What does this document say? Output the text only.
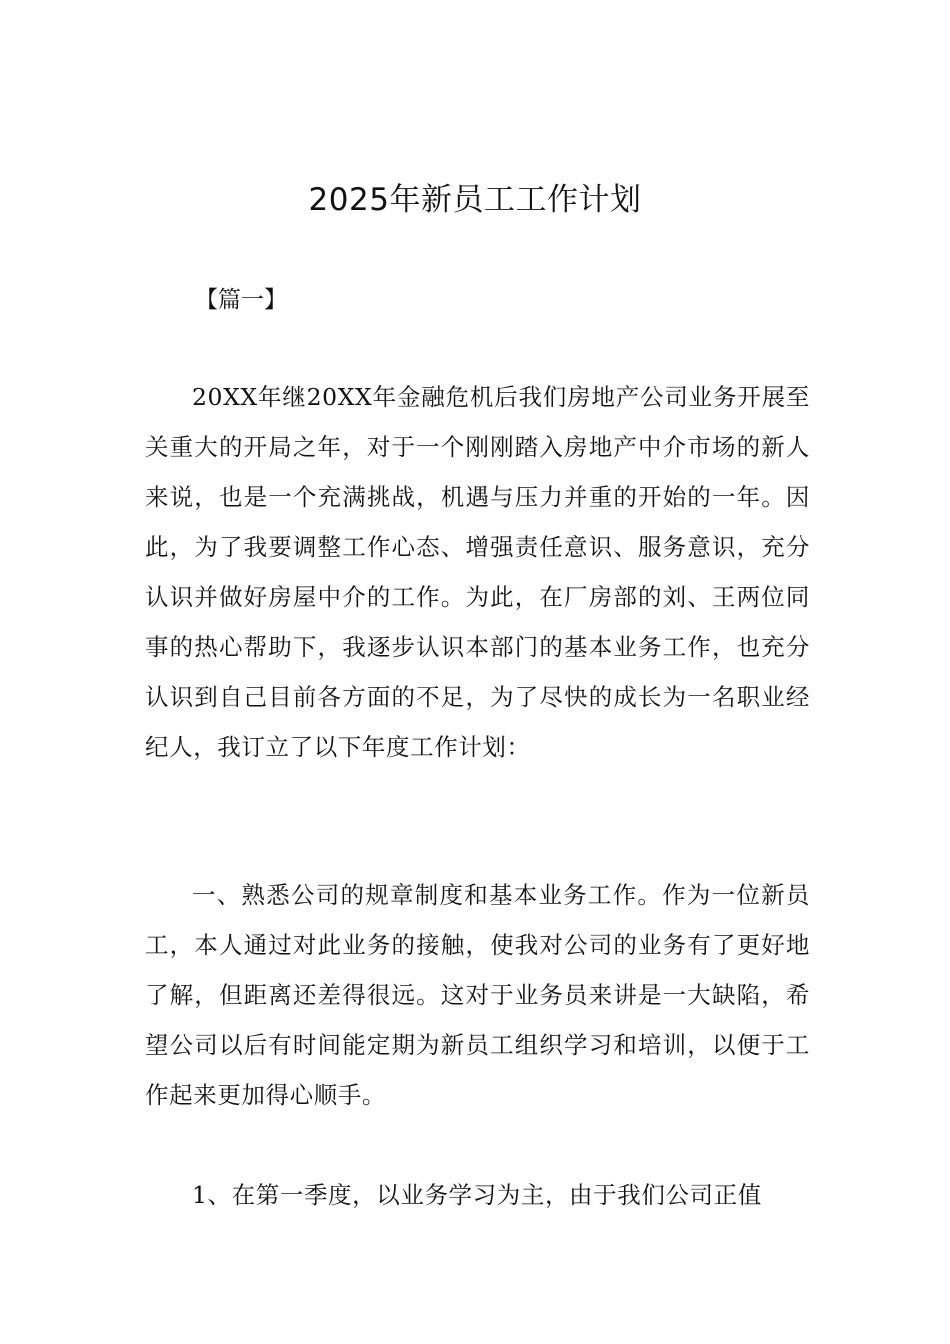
2025年新员工工作计划

【篇一】

20XX年继20XX年金融危机后我们房地产公司业务开展至关重大的开局之年，对于一个刚刚踏入房地产中介市场的新人来说，也是一个充满挑战，机遇与压力并重的开始的一年。因此，为了我要调整工作心态、增强责任意识、服务意识，充分认识并做好房屋中介的工作。为此，在厂房部的刘、王两位同事的热心帮助下，我逐步认识本部门的基本业务工作，也充分认识到自己目前各方面的不足，为了尽快的成长为一名职业经纪人，我订立了以下年度工作计划：

一、熟悉公司的规章制度和基本业务工作。作为一位新员工，本人通过对此业务的接触，使我对公司的业务有了更好地了解，但距离还差得很远。这对于业务员来讲是一大缺陷，希望公司以后有时间能定期为新员工组织学习和培训，以便于工作起来更加得心顺手。

1、在第一季度，以业务学习为主，由于我们公司正值
